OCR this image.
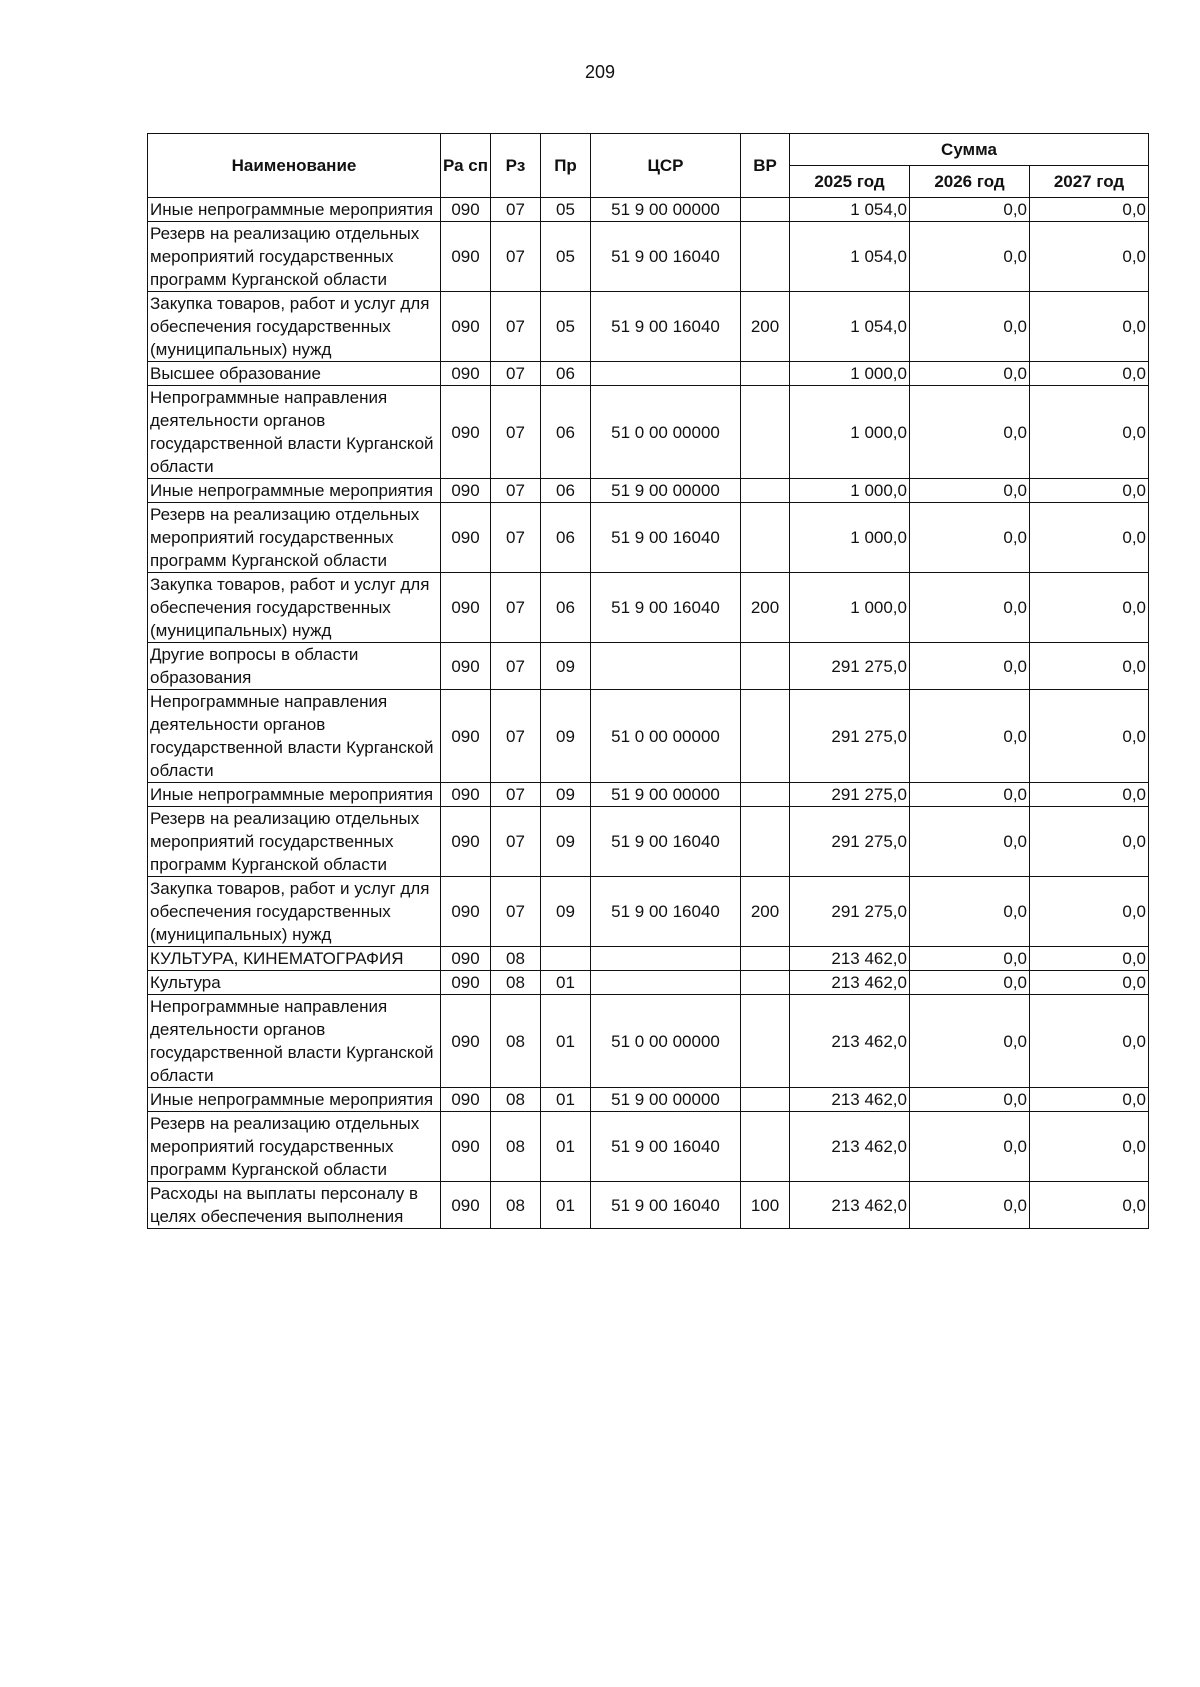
209
Наименование	Ра сп	Рз	Пр	ЦСР	ВР	Сумма		
						2025 год	2026 год	2027 год
Иные непрограммные мероприятия	090	07	05	51 9 00 00000		1 054,0	0,0	0,0
Резерв на реализацию отдельных мероприятий государственных программ Курганской области	090	07	05	51 9 00 16040		1 054,0	0,0	0,0
Закупка товаров, работ и услуг для обеспечения государственных (муниципальных) нужд	090	07	05	51 9 00 16040	200	1 054,0	0,0	0,0
Высшее образование	090	07	06			1 000,0	0,0	0,0
Непрограммные направления деятельности органов государственной власти Курганской области	090	07	06	51 0 00 00000		1 000,0	0,0	0,0
Иные непрограммные мероприятия	090	07	06	51 9 00 00000		1 000,0	0,0	0,0
Резерв на реализацию отдельных мероприятий государственных программ Курганской области	090	07	06	51 9 00 16040		1 000,0	0,0	0,0
Закупка товаров, работ и услуг для обеспечения государственных (муниципальных) нужд	090	07	06	51 9 00 16040	200	1 000,0	0,0	0,0
Другие вопросы в области образования	090	07	09			291 275,0	0,0	0,0
Непрограммные направления деятельности органов государственной власти Курганской области	090	07	09	51 0 00 00000		291 275,0	0,0	0,0
Иные непрограммные мероприятия	090	07	09	51 9 00 00000		291 275,0	0,0	0,0
Резерв на реализацию отдельных мероприятий государственных программ Курганской области	090	07	09	51 9 00 16040		291 275,0	0,0	0,0
Закупка товаров, работ и услуг для обеспечения государственных (муниципальных) нужд	090	07	09	51 9 00 16040	200	291 275,0	0,0	0,0
КУЛЬТУРА, КИНЕМАТОГРАФИЯ	090	08				213 462,0	0,0	0,0
Культура	090	08	01			213 462,0	0,0	0,0
Непрограммные направления деятельности органов государственной власти Курганской области	090	08	01	51 0 00 00000		213 462,0	0,0	0,0
Иные непрограммные мероприятия	090	08	01	51 9 00 00000		213 462,0	0,0	0,0
Резерв на реализацию отдельных мероприятий государственных программ Курганской области	090	08	01	51 9 00 16040		213 462,0	0,0	0,0
Расходы на выплаты персоналу в целях обеспечения выполнения	090	08	01	51 9 00 16040	100	213 462,0	0,0	0,0
